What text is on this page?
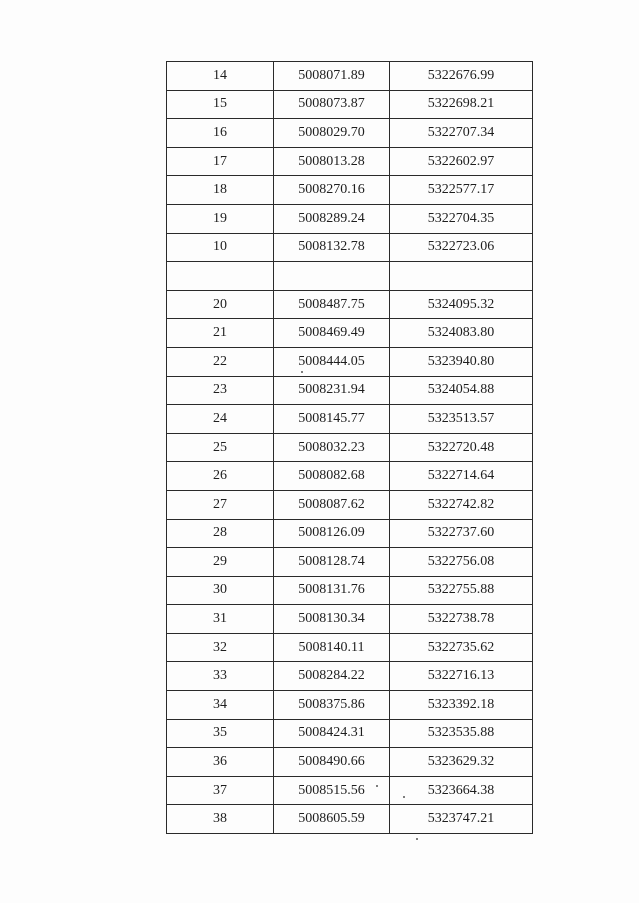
14	5008071.89	5322676.99
15	5008073.87	5322698.21
16	5008029.70	5322707.34
17	5008013.28	5322602.97
18	5008270.16	5322577.17
19	5008289.24	5322704.35
10	5008132.78	5322723.06

20	5008487.75	5324095.32
21	5008469.49	5324083.80
22	5008444.05	5323940.80
23	5008231.94	5324054.88
24	5008145.77	5323513.57
25	5008032.23	5322720.48
26	5008082.68	5322714.64
27	5008087.62	5322742.82
28	5008126.09	5322737.60
29	5008128.74	5322756.08
30	5008131.76	5322755.88
31	5008130.34	5322738.78
32	5008140.11	5322735.62
33	5008284.22	5322716.13
34	5008375.86	5323392.18
35	5008424.31	5323535.88
36	5008490.66	5323629.32
37	5008515.56	5323664.38
38	5008605.59	5323747.21
